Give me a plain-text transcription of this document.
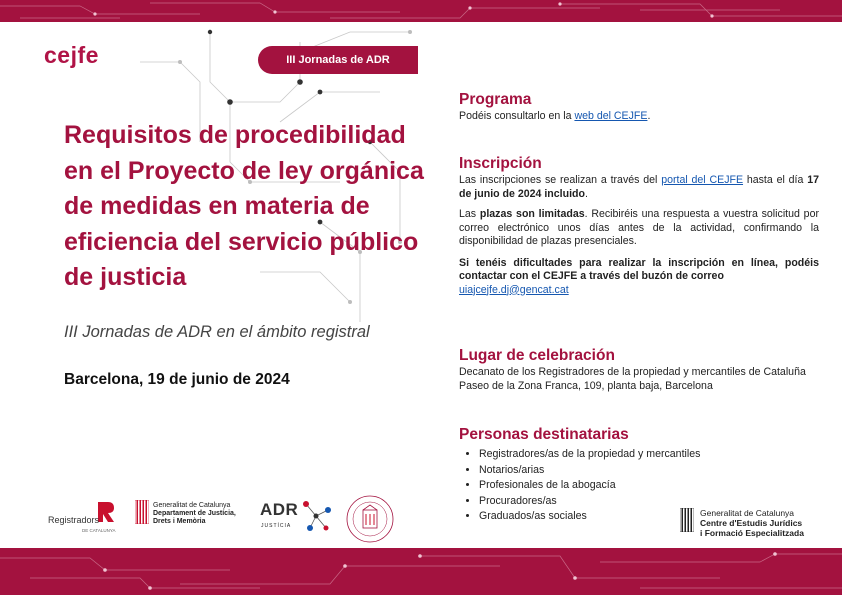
cejfe	III Jornadas de ADR
Requisitos de procedibilidad en el Proyecto de ley orgánica de medidas en materia de eficiencia del servicio público de justicia
III Jornadas de ADR en el ámbito registral
Barcelona, 19 de junio de 2024
Programa

Podéis consultarlo en la web del CEJFE.

Inscripción

Las inscripciones se realizan a través del portal del CEJFE hasta el día 17 de junio de 2024 incluido.

Las plazas son limitadas. Recibiréis una respuesta a vuestra solicitud por correo electrónico unos días antes de la actividad, confirmando la disponibilidad de plazas presenciales.

Si tenéis dificultades para realizar la inscripción en línea, podéis contactar con el CEJFE a través del buzón de correo
uiajcejfe.dj@gencat.cat

Lugar de celebración

Decanato de los Registradores de la propiedad y mercantiles de Cataluña

Paseo de la Zona Franca, 109, planta baja, Barcelona

Personas destinatarias
• Registradores/as de la propiedad y mercantiles
• Notarios/arias
• Profesionales de la abogacía
• Procuradores/as
• Graduados/as sociales
Registradors
DE CATALUNYA
Generalitat de Catalunya
Departament de Justícia,
Drets i Memòria
ADR
JUSTÍCIA
Generalitat de Catalunya
Centre d'Estudis Jurídics
i Formació Especialitzada
